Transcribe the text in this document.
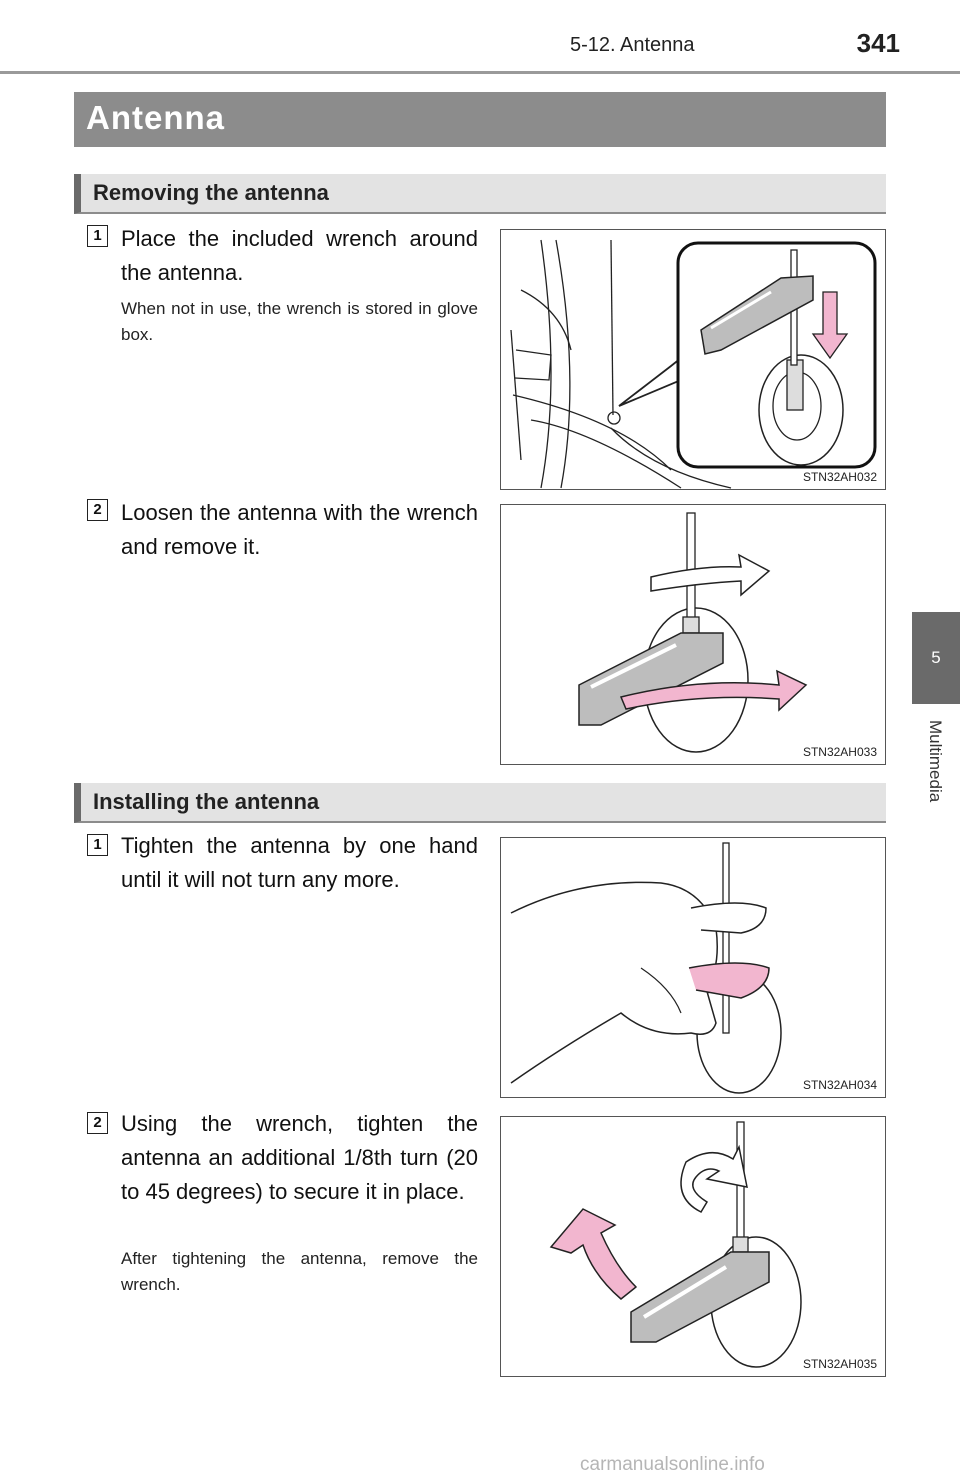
5-12. Antenna	341
5
Multimedia
Antenna
Removing the antenna
1 Place the included wrench around the antenna.
When not in use, the wrench is stored in glove box.
STN32AH032
2 Loosen the antenna with the wrench and remove it.
STN32AH033
Installing the antenna
1 Tighten the antenna by one hand until it will not turn any more.
STN32AH034
2 Using the wrench, tighten the antenna an additional 1/8th turn (20 to 45 degrees) to secure it in place.
After tightening the antenna, remove the wrench.
STN32AH035
carmanualsonline.info
